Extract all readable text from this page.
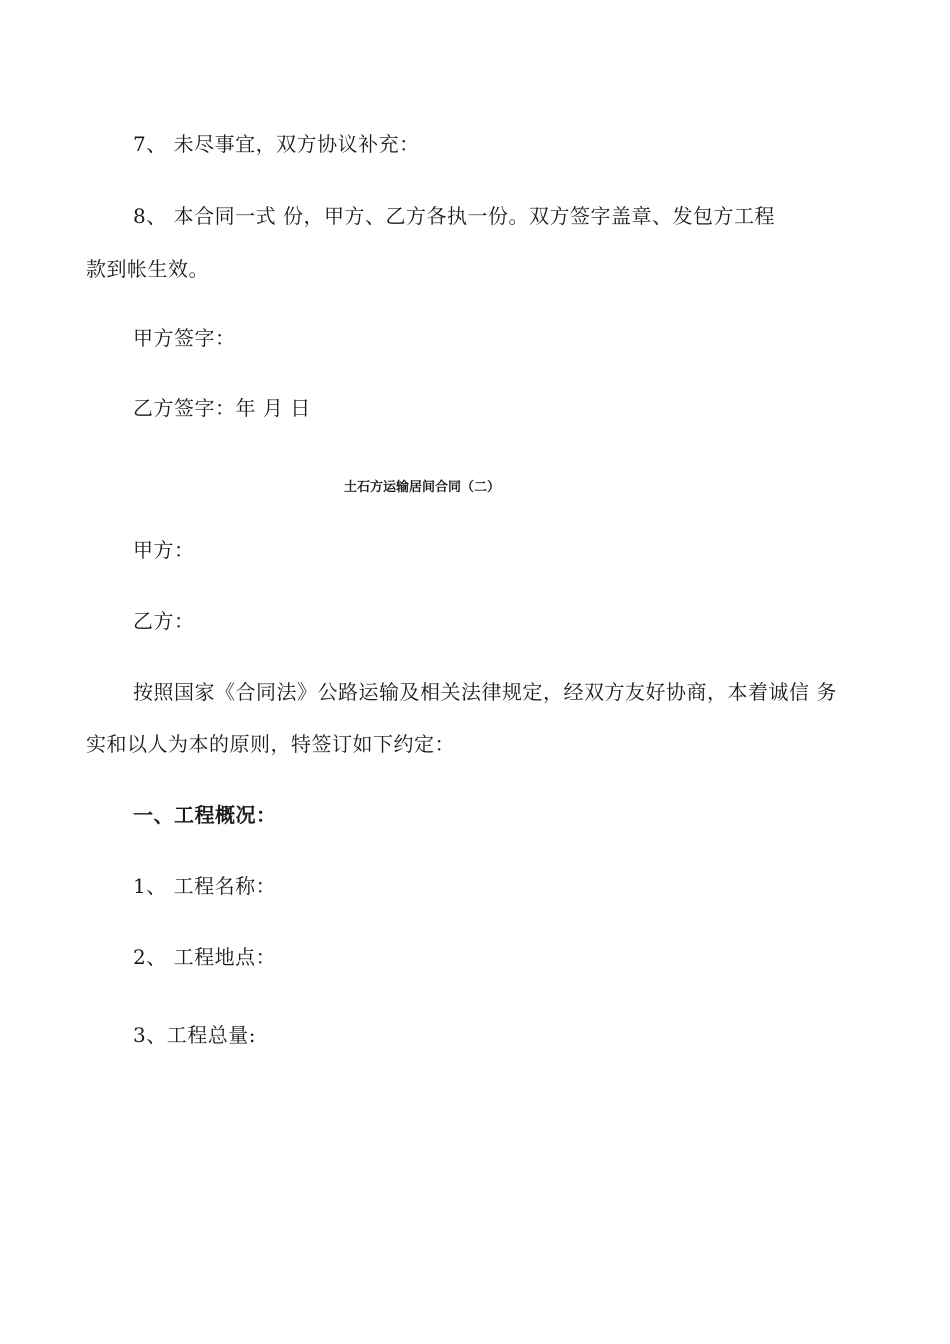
7、 未尽事宜，双方协议补充：
8、 本合同一式 份，甲方、乙方各执一份。双方签字盖章、发包方工程
款到帐生效。
甲方签字：
乙方签字：年 月 日
土石方运输居间合同（二）
甲方：
乙方：
按照国家《合同法》公路运输及相关法律规定，经双方友好协商，本着诚信 务
实和以人为本的原则，特签订如下约定：
一、工程概况：
1、 工程名称：
2、 工程地点：
3、工程总量:
